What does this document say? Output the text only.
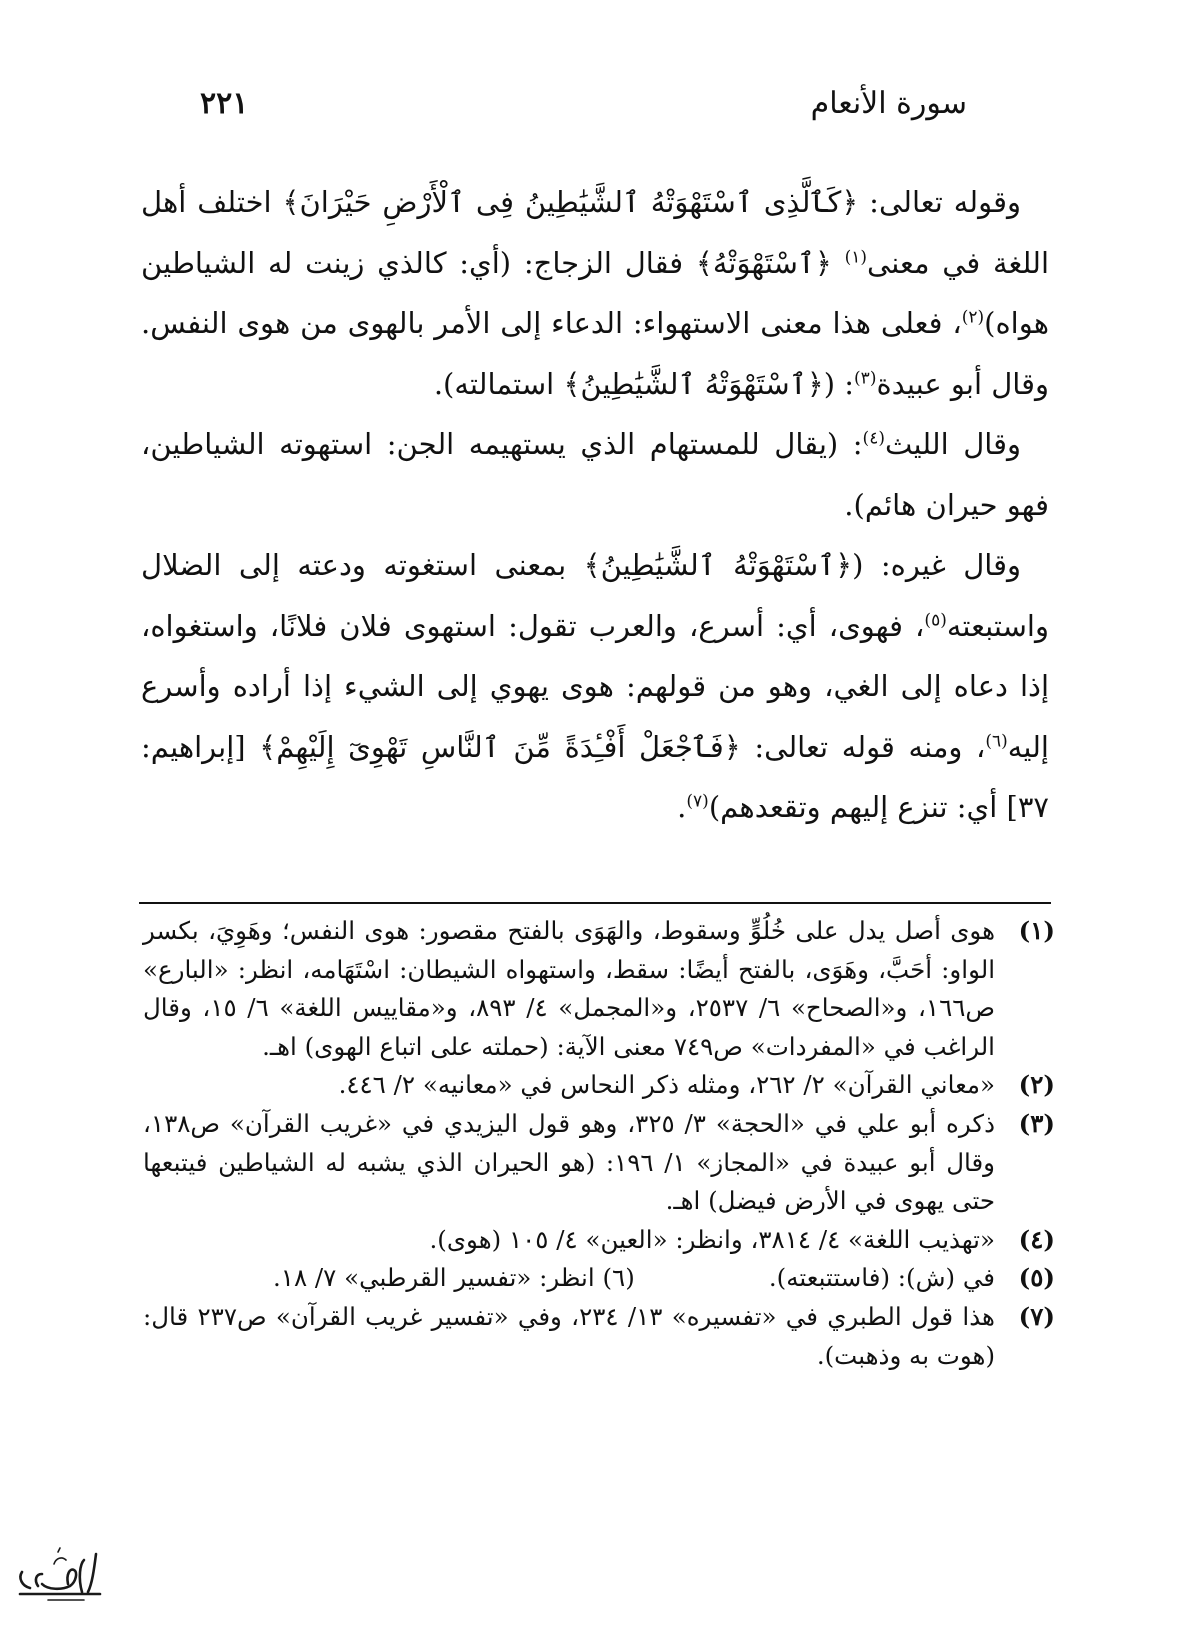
سورة الأنعام
٢٢١

وقوله تعالى: ﴿كَٱلَّذِى ٱسْتَهْوَتْهُ ٱلشَّيَٰطِينُ فِى ٱلْأَرْضِ حَيْرَانَ﴾ اختلف أهل اللغة في معنى$^{(١)}$ ﴿ٱسْتَهْوَتْهُ﴾ فقال الزجاج: (أي: كالذي زينت له الشياطين هواه)$^{(٢)}$، فعلى هذا معنى الاستهواء: الدعاء إلى الأمر بالهوى من هوى النفس. وقال أبو عبيدة$^{(٣)}$: (﴿ٱسْتَهْوَتْهُ ٱلشَّيَٰطِينُ﴾ استمالته).

وقال الليث$^{(٤)}$: (يقال للمستهام الذي يستهيمه الجن: استهوته الشياطين، فهو حيران هائم).

وقال غيره: (﴿ٱسْتَهْوَتْهُ ٱلشَّيَٰطِينُ﴾ بمعنى استغوته ودعته إلى الضلال واستبعته$^{(٥)}$، فهوى، أي: أسرع، والعرب تقول: استهوى فلان فلانًا، واستغواه، إذا دعاه إلى الغي، وهو من قولهم: هوى يهوي إلى الشيء إذا أراده وأسرع إليه$^{(٦)}$، ومنه قوله تعالى: ﴿فَٱجْعَلْ أَفْـِٔدَةً مِّنَ ٱلنَّاسِ تَهْوِىٓ إِلَيْهِمْ﴾ [إبراهيم: ٣٧] أي: تنزع إليهم وتقعدهم)$^{(٧)}$.

(١)
هوى أصل يدل على خُلُوٍّ وسقوط، والهَوَى بالفتح مقصور: هوى النفس؛ وهَوِيَ، بكسر الواو: أحَبَّ، وهَوَى، بالفتح أيضًا: سقط، واستهواه الشيطان: اسْتَهَامه، انظر: «البارع» ص١٦٦، و«الصحاح» ٦/ ٢٥٣٧، و«المجمل» ٤/ ٨٩٣، و«مقاييس اللغة» ٦/ ١٥، وقال الراغب في «المفردات» ص٧٤٩ معنى الآية: (حملته على اتباع الهوى) اهـ.

(٢)
«معاني القرآن» ٢/ ٢٦٢، ومثله ذكر النحاس في «معانيه» ٢/ ٤٤٦.

(٣)
ذكره أبو علي في «الحجة» ٣/ ٣٢٥، وهو قول اليزيدي في «غريب القرآن» ص١٣٨، وقال أبو عبيدة في «المجاز» ١/ ١٩٦: (هو الحيران الذي يشبه له الشياطين فيتبعها حتى يهوى في الأرض فيضل) اهـ.

(٤)
«تهذيب اللغة» ٤/ ٣٨١٤، وانظر: «العين» ٤/ ١٠٥ (هوى).

(٥)
في (ش): (فاستتبعته).
(٦) انظر: «تفسير القرطبي» ٧/ ١٨.

(٧)
هذا قول الطبري في «تفسيره» ١٣/ ٢٣٤، وفي «تفسير غريب القرآن» ص٢٣٧ قال: (هوت به وذهبت).
